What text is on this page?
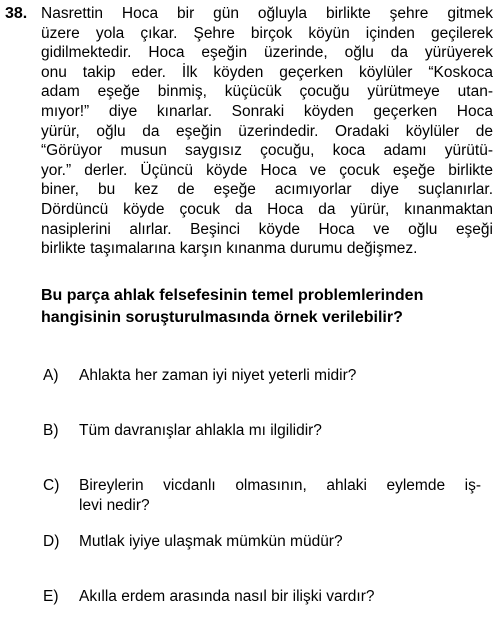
38. Nasrettin Hoca bir gün oğluyla birlikte şehre gitmek
üzere yola çıkar. Şehre birçok köyün içinden geçilerek
gidilmektedir. Hoca eşeğin üzerinde, oğlu da yürüyerek
onu takip eder. İlk köyden geçerken köylüler “Koskoca
adam eşeğe binmiş, küçücük çocuğu yürütmeye utan-
mıyor!” diye kınarlar. Sonraki köyden geçerken Hoca
yürür, oğlu da eşeğin üzerindedir. Oradaki köylüler de
“Görüyor musun saygısız çocuğu, koca adamı yürütü-
yor.” derler. Üçüncü köyde Hoca ve çocuk eşeğe birlikte
biner, bu kez de eşeğe acımıyorlar diye suçlanırlar.
Dördüncü köyde çocuk da Hoca da yürür, kınanmaktan
nasiplerini alırlar. Beşinci köyde Hoca ve oğlu eşeği
birlikte taşımalarına karşın kınanma durumu değişmez.
Bu parça ahlak felsefesinin temel problemlerinden
hangisinin soruşturulmasında örnek verilebilir?
A)	Ahlakta her zaman iyi niyet yeterli midir?
B)	Tüm davranışlar ahlakla mı ilgilidir?
C)	Bireylerin vicdanlı olmasının, ahlaki eylemde iş-
levi nedir?
D)	Mutlak iyiye ulaşmak mümkün müdür?
E)	Akılla erdem arasında nasıl bir ilişki vardır?
